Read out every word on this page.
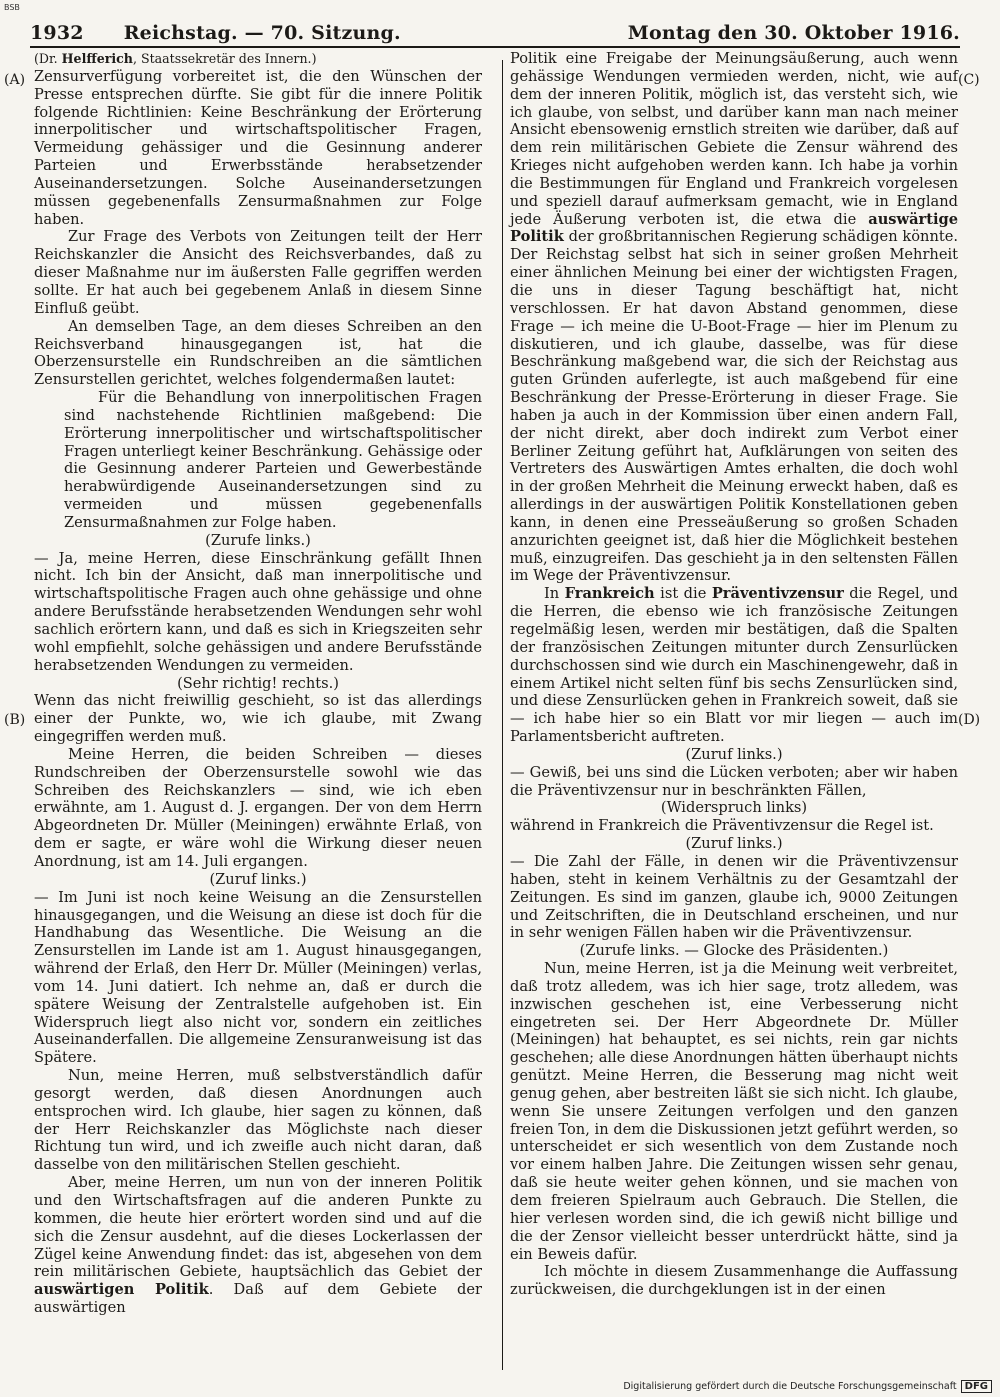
BSB
1932 Reichstag. — 70. Sitzung.	Montag den 30. Oktober 1916.
(A)
(B)
(C)
(D)

(Dr. Helfferich, Staatssekretär des Innern.)

Zensurverfügung vorbereitet ist, die den Wünschen der Presse entsprechen dürfte. Sie gibt für die innere Politik folgende Richtlinien: Keine Beschränkung der Erörterung innerpolitischer und wirtschaftspolitischer Fragen, Vermeidung gehässiger und die Gesinnung anderer Parteien und Erwerbsstände herabsetzender Auseinandersetzungen. Solche Auseinandersetzungen müssen gegebenenfalls Zensurmaßnahmen zur Folge haben.

Zur Frage des Verbots von Zeitungen teilt der Herr Reichskanzler die Ansicht des Reichsverbandes, daß zu dieser Maßnahme nur im äußersten Falle gegriffen werden sollte. Er hat auch bei gegebenem Anlaß in diesem Sinne Einfluß geübt.

An demselben Tage, an dem dieses Schreiben an den Reichsverband hinausgegangen ist, hat die Oberzensurstelle ein Rundschreiben an die sämtlichen Zensurstellen gerichtet, welches folgendermaßen lautet:

Für die Behandlung von innerpolitischen Fragen sind nachstehende Richtlinien maßgebend: Die Erörterung innerpolitischer und wirtschaftspolitischer Fragen unterliegt keiner Beschränkung. Gehässige oder die Gesinnung anderer Parteien und Gewerbestände herabwürdigende Auseinandersetzungen sind zu vermeiden und müssen gegebenenfalls Zensurmaßnahmen zur Folge haben.

(Zurufe links.)

— Ja, meine Herren, diese Einschränkung gefällt Ihnen nicht. Ich bin der Ansicht, daß man innerpolitische und wirtschaftspolitische Fragen auch ohne gehässige und ohne andere Berufsstände herabsetzenden Wendungen sehr wohl sachlich erörtern kann, und daß es sich in Kriegszeiten sehr wohl empfiehlt, solche gehässigen und andere Berufsstände herabsetzenden Wendungen zu vermeiden.

(Sehr richtig! rechts.)

Wenn das nicht freiwillig geschieht, so ist das allerdings einer der Punkte, wo, wie ich glaube, mit Zwang eingegriffen werden muß.

Meine Herren, die beiden Schreiben — dieses Rundschreiben der Oberzensurstelle sowohl wie das Schreiben des Reichskanzlers — sind, wie ich eben erwähnte, am 1. August d. J. ergangen. Der von dem Herrn Abgeordneten Dr. Müller (Meiningen) erwähnte Erlaß, von dem er sagte, er wäre wohl die Wirkung dieser neuen Anordnung, ist am 14. Juli ergangen.

(Zuruf links.)

— Im Juni ist noch keine Weisung an die Zensurstellen hinausgegangen, und die Weisung an diese ist doch für die Handhabung das Wesentliche. Die Weisung an die Zensurstellen im Lande ist am 1. August hinausgegangen, während der Erlaß, den Herr Dr. Müller (Meiningen) verlas, vom 14. Juni datiert. Ich nehme an, daß er durch die spätere Weisung der Zentralstelle aufgehoben ist. Ein Widerspruch liegt also nicht vor, sondern ein zeitliches Auseinanderfallen. Die allgemeine Zensuranweisung ist das Spätere.

Nun, meine Herren, muß selbstverständlich dafür gesorgt werden, daß diesen Anordnungen auch entsprochen wird. Ich glaube, hier sagen zu können, daß der Herr Reichskanzler das Möglichste nach dieser Richtung tun wird, und ich zweifle auch nicht daran, daß dasselbe von den militärischen Stellen geschieht.

Aber, meine Herren, um nun von der inneren Politik und den Wirtschaftsfragen auf die anderen Punkte zu kommen, die heute hier erörtert worden sind und auf die sich die Zensur ausdehnt, auf die dieses Lockerlassen der Zügel keine Anwendung findet: das ist, abgesehen von dem rein militärischen Gebiete, hauptsächlich das Gebiet der auswärtigen Politik. Daß auf dem Gebiete der auswärtigen

Politik eine Freigabe der Meinungsäußerung, auch wenn gehässige Wendungen vermieden werden, nicht, wie auf dem der inneren Politik, möglich ist, das versteht sich, wie ich glaube, von selbst, und darüber kann man nach meiner Ansicht ebensowenig ernstlich streiten wie darüber, daß auf dem rein militärischen Gebiete die Zensur während des Krieges nicht aufgehoben werden kann. Ich habe ja vorhin die Bestimmungen für England und Frankreich vorgelesen und speziell darauf aufmerksam gemacht, wie in England jede Äußerung verboten ist, die etwa die auswärtige Politik der großbritannischen Regierung schädigen könnte. Der Reichstag selbst hat sich in seiner großen Mehrheit einer ähnlichen Meinung bei einer der wichtigsten Fragen, die uns in dieser Tagung beschäftigt hat, nicht verschlossen. Er hat davon Abstand genommen, diese Frage — ich meine die U-Boot-Frage — hier im Plenum zu diskutieren, und ich glaube, dasselbe, was für diese Beschränkung maßgebend war, die sich der Reichstag aus guten Gründen auferlegte, ist auch maßgebend für eine Beschränkung der Presse-Erörterung in dieser Frage. Sie haben ja auch in der Kommission über einen andern Fall, der nicht direkt, aber doch indirekt zum Verbot einer Berliner Zeitung geführt hat, Aufklärungen von seiten des Vertreters des Auswärtigen Amtes erhalten, die doch wohl in der großen Mehrheit die Meinung erweckt haben, daß es allerdings in der auswärtigen Politik Konstellationen geben kann, in denen eine Presseäußerung so großen Schaden anzurichten geeignet ist, daß hier die Möglichkeit bestehen muß, einzugreifen. Das geschieht ja in den seltensten Fällen im Wege der Präventivzensur.

In Frankreich ist die Präventivzensur die Regel, und die Herren, die ebenso wie ich französische Zeitungen regelmäßig lesen, werden mir bestätigen, daß die Spalten der französischen Zeitungen mitunter durch Zensurlücken durchschossen sind wie durch ein Maschinengewehr, daß in einem Artikel nicht selten fünf bis sechs Zensurlücken sind, und diese Zensurlücken gehen in Frankreich soweit, daß sie — ich habe hier so ein Blatt vor mir liegen — auch im Parlamentsbericht auftreten.

(Zuruf links.)

— Gewiß, bei uns sind die Lücken verboten; aber wir haben die Präventivzensur nur in beschränkten Fällen,

(Widerspruch links)

während in Frankreich die Präventivzensur die Regel ist.

(Zuruf links.)

— Die Zahl der Fälle, in denen wir die Präventivzensur haben, steht in keinem Verhältnis zu der Gesamtzahl der Zeitungen. Es sind im ganzen, glaube ich, 9000 Zeitungen und Zeitschriften, die in Deutschland erscheinen, und nur in sehr wenigen Fällen haben wir die Präventivzensur.

(Zurufe links. — Glocke des Präsidenten.)

Nun, meine Herren, ist ja die Meinung weit verbreitet, daß trotz alledem, was ich hier sage, trotz alledem, was inzwischen geschehen ist, eine Verbesserung nicht eingetreten sei. Der Herr Abgeordnete Dr. Müller (Meiningen) hat behauptet, es sei nichts, rein gar nichts geschehen; alle diese Anordnungen hätten überhaupt nichts genützt. Meine Herren, die Besserung mag nicht weit genug gehen, aber bestreiten läßt sie sich nicht. Ich glaube, wenn Sie unsere Zeitungen verfolgen und den ganzen freien Ton, in dem die Diskussionen jetzt geführt werden, so unterscheidet er sich wesentlich von dem Zustande noch vor einem halben Jahre. Die Zeitungen wissen sehr genau, daß sie heute weiter gehen können, und sie machen von dem freieren Spielraum auch Gebrauch. Die Stellen, die hier verlesen worden sind, die ich gewiß nicht billige und die der Zensor vielleicht besser unterdrückt hätte, sind ja ein Beweis dafür.

Ich möchte in diesem Zusammenhange die Auffassung zurückweisen, die durchgeklungen ist in der einen

Digitalisierung gefördert durch die Deutsche Forschungsgemeinschaft DFG
